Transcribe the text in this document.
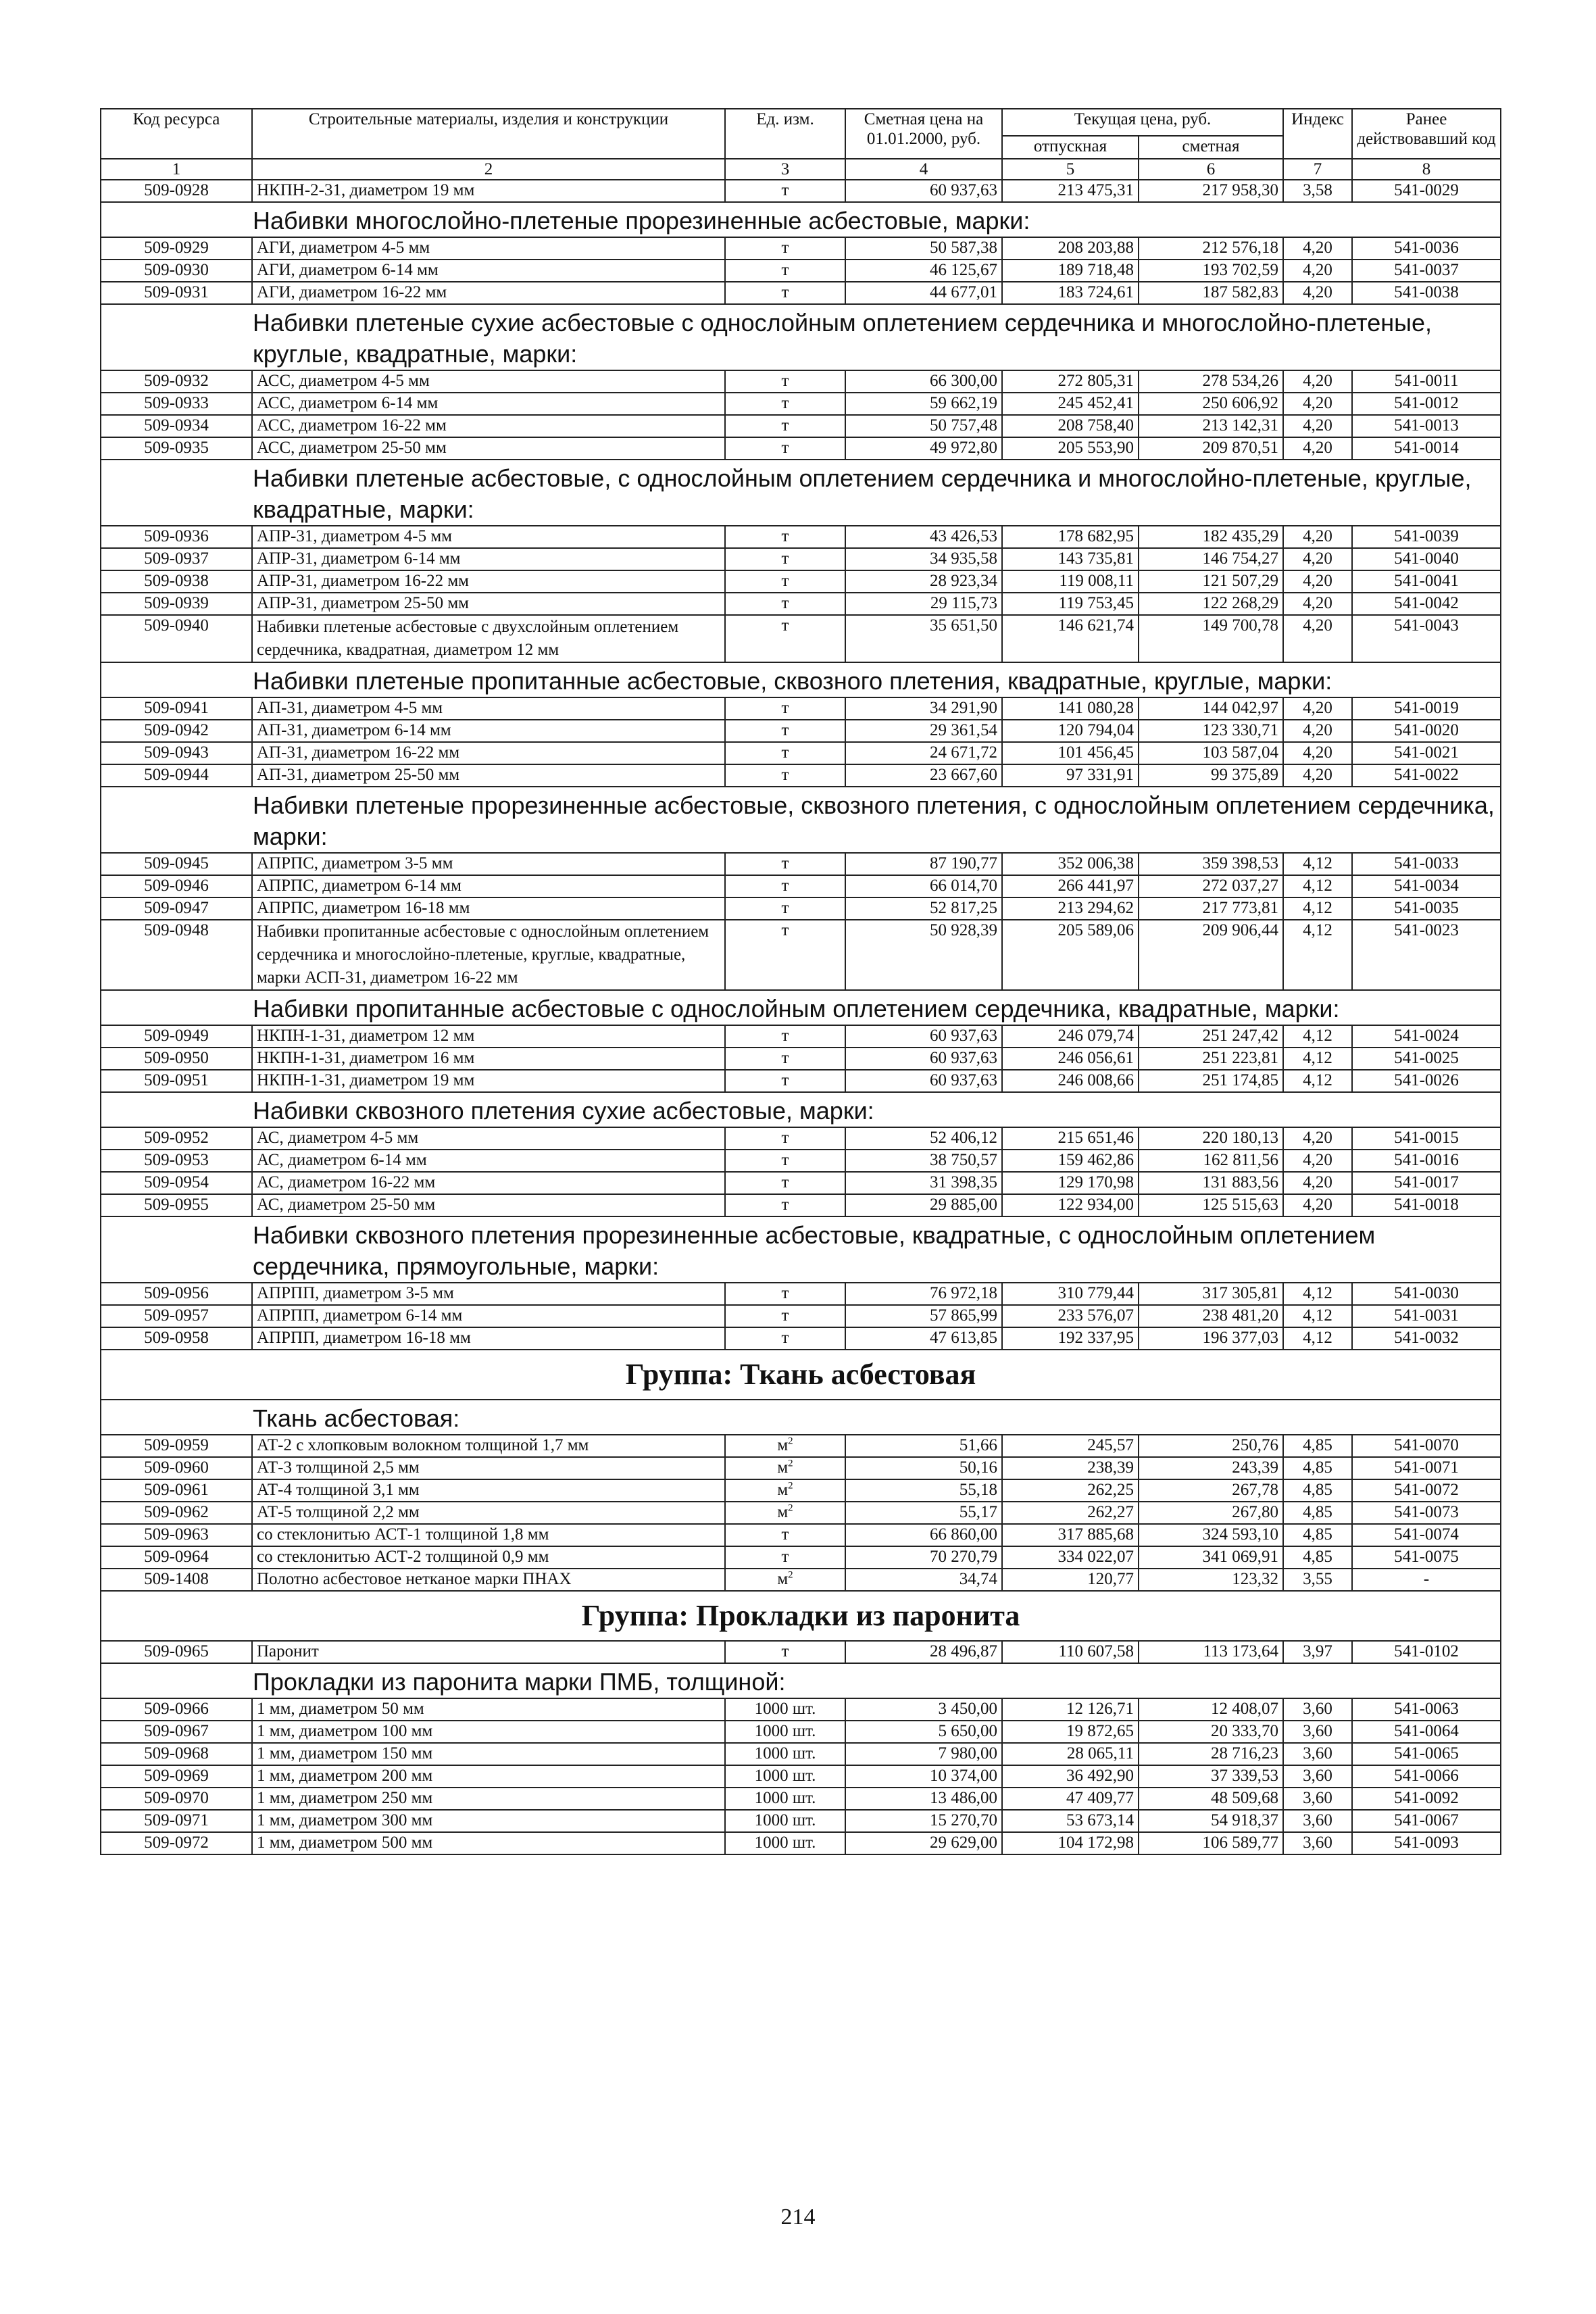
Код ресурса	Строительные материалы, изделия и конструкции	Ед. изм.	Сметная цена на 01.01.2000, руб.	Текущая цена, руб.		Индекс	Ранее действовавший код
				отпускная	сметная		
1	2	3	4	5	6	7	8
509-0928	НКПН-2-31, диаметром 19 мм	т	60 937,63	213 475,31	217 958,30	3,58	541-0029
Набивки многослойно-плетеные прорезиненные асбестовые, марки:							
509-0929	АГИ, диаметром 4-5 мм	т	50 587,38	208 203,88	212 576,18	4,20	541-0036
509-0930	АГИ, диаметром 6-14 мм	т	46 125,67	189 718,48	193 702,59	4,20	541-0037
509-0931	АГИ, диаметром 16-22 мм	т	44 677,01	183 724,61	187 582,83	4,20	541-0038
Набивки плетеные сухие асбестовые с однослойным оплетением сердечника и многослойно-плетеные, круглые, квадратные, марки:							
509-0932	АСС, диаметром 4-5 мм	т	66 300,00	272 805,31	278 534,26	4,20	541-0011
509-0933	АСС, диаметром 6-14 мм	т	59 662,19	245 452,41	250 606,92	4,20	541-0012
509-0934	АСС, диаметром 16-22 мм	т	50 757,48	208 758,40	213 142,31	4,20	541-0013
509-0935	АСС, диаметром 25-50 мм	т	49 972,80	205 553,90	209 870,51	4,20	541-0014
Набивки плетеные асбестовые, с однослойным оплетением сердечника и многослойно-плетеные, круглые, квадратные, марки:							
509-0936	АПР-31, диаметром 4-5 мм	т	43 426,53	178 682,95	182 435,29	4,20	541-0039
509-0937	АПР-31, диаметром 6-14 мм	т	34 935,58	143 735,81	146 754,27	4,20	541-0040
509-0938	АПР-31, диаметром 16-22 мм	т	28 923,34	119 008,11	121 507,29	4,20	541-0041
509-0939	АПР-31, диаметром 25-50 мм	т	29 115,73	119 753,45	122 268,29	4,20	541-0042
509-0940	Набивки плетеные асбестовые с двухслойным оплетением сердечника, квадратная, диаметром 12 мм	т	35 651,50	146 621,74	149 700,78	4,20	541-0043
Набивки плетеные пропитанные асбестовые, сквозного плетения, квадратные, круглые, марки:							
509-0941	АП-31, диаметром 4-5 мм	т	34 291,90	141 080,28	144 042,97	4,20	541-0019
509-0942	АП-31, диаметром 6-14 мм	т	29 361,54	120 794,04	123 330,71	4,20	541-0020
509-0943	АП-31, диаметром 16-22 мм	т	24 671,72	101 456,45	103 587,04	4,20	541-0021
509-0944	АП-31, диаметром 25-50 мм	т	23 667,60	97 331,91	99 375,89	4,20	541-0022
Набивки плетеные прорезиненные асбестовые, сквозного плетения, с однослойным оплетением сердечника, марки:							
509-0945	АПРПС, диаметром 3-5 мм	т	87 190,77	352 006,38	359 398,53	4,12	541-0033
509-0946	АПРПС, диаметром 6-14 мм	т	66 014,70	266 441,97	272 037,27	4,12	541-0034
509-0947	АПРПС, диаметром 16-18 мм	т	52 817,25	213 294,62	217 773,81	4,12	541-0035
509-0948	Набивки пропитанные асбестовые с однослойным оплетением сердечника и многослойно-плетеные, круглые, квадратные, марки АСП-31, диаметром 16-22 мм	т	50 928,39	205 589,06	209 906,44	4,12	541-0023
Набивки пропитанные асбестовые с однослойным оплетением сердечника, квадратные, марки:							
509-0949	НКПН-1-31, диаметром 12 мм	т	60 937,63	246 079,74	251 247,42	4,12	541-0024
509-0950	НКПН-1-31, диаметром 16 мм	т	60 937,63	246 056,61	251 223,81	4,12	541-0025
509-0951	НКПН-1-31, диаметром 19 мм	т	60 937,63	246 008,66	251 174,85	4,12	541-0026
Набивки сквозного плетения сухие асбестовые, марки:							
509-0952	АС, диаметром 4-5 мм	т	52 406,12	215 651,46	220 180,13	4,20	541-0015
509-0953	АС, диаметром 6-14 мм	т	38 750,57	159 462,86	162 811,56	4,20	541-0016
509-0954	АС, диаметром 16-22 мм	т	31 398,35	129 170,98	131 883,56	4,20	541-0017
509-0955	АС, диаметром 25-50 мм	т	29 885,00	122 934,00	125 515,63	4,20	541-0018
Набивки сквозного плетения прорезиненные асбестовые, квадратные, с однослойным оплетением сердечника, прямоугольные, марки:							
509-0956	АПРПП, диаметром 3-5 мм	т	76 972,18	310 779,44	317 305,81	4,12	541-0030
509-0957	АПРПП, диаметром 6-14 мм	т	57 865,99	233 576,07	238 481,20	4,12	541-0031
509-0958	АПРПП, диаметром 16-18 мм	т	47 613,85	192 337,95	196 377,03	4,12	541-0032
Группа: Ткань асбестовая							
Ткань асбестовая:							
509-0959	АТ-2 с хлопковым волокном толщиной 1,7 мм	$м^2$	51,66	245,57	250,76	4,85	541-0070
509-0960	АТ-3 толщиной 2,5 мм	$м^2$	50,16	238,39	243,39	4,85	541-0071
509-0961	АТ-4 толщиной 3,1 мм	$м^2$	55,18	262,25	267,78	4,85	541-0072
509-0962	АТ-5 толщиной 2,2 мм	$м^2$	55,17	262,27	267,80	4,85	541-0073
509-0963	со стеклонитью АСТ-1 толщиной 1,8 мм	т	66 860,00	317 885,68	324 593,10	4,85	541-0074
509-0964	со стеклонитью АСТ-2 толщиной 0,9 мм	т	70 270,79	334 022,07	341 069,91	4,85	541-0075
509-1408	Полотно асбестовое нетканое марки ПНАХ	$м^2$	34,74	120,77	123,32	3,55	-
Группа: Прокладки из паронита							
509-0965	Паронит	т	28 496,87	110 607,58	113 173,64	3,97	541-0102
Прокладки из паронита марки ПМБ, толщиной:							
509-0966	1 мм, диаметром 50 мм	1000 шт.	3 450,00	12 126,71	12 408,07	3,60	541-0063
509-0967	1 мм, диаметром 100 мм	1000 шт.	5 650,00	19 872,65	20 333,70	3,60	541-0064
509-0968	1 мм, диаметром 150 мм	1000 шт.	7 980,00	28 065,11	28 716,23	3,60	541-0065
509-0969	1 мм, диаметром 200 мм	1000 шт.	10 374,00	36 492,90	37 339,53	3,60	541-0066
509-0970	1 мм, диаметром 250 мм	1000 шт.	13 486,00	47 409,77	48 509,68	3,60	541-0092
509-0971	1 мм, диаметром 300 мм	1000 шт.	15 270,70	53 673,14	54 918,37	3,60	541-0067
509-0972	1 мм, диаметром 500 мм	1000 шт.	29 629,00	104 172,98	106 589,77	3,60	541-0093
214
